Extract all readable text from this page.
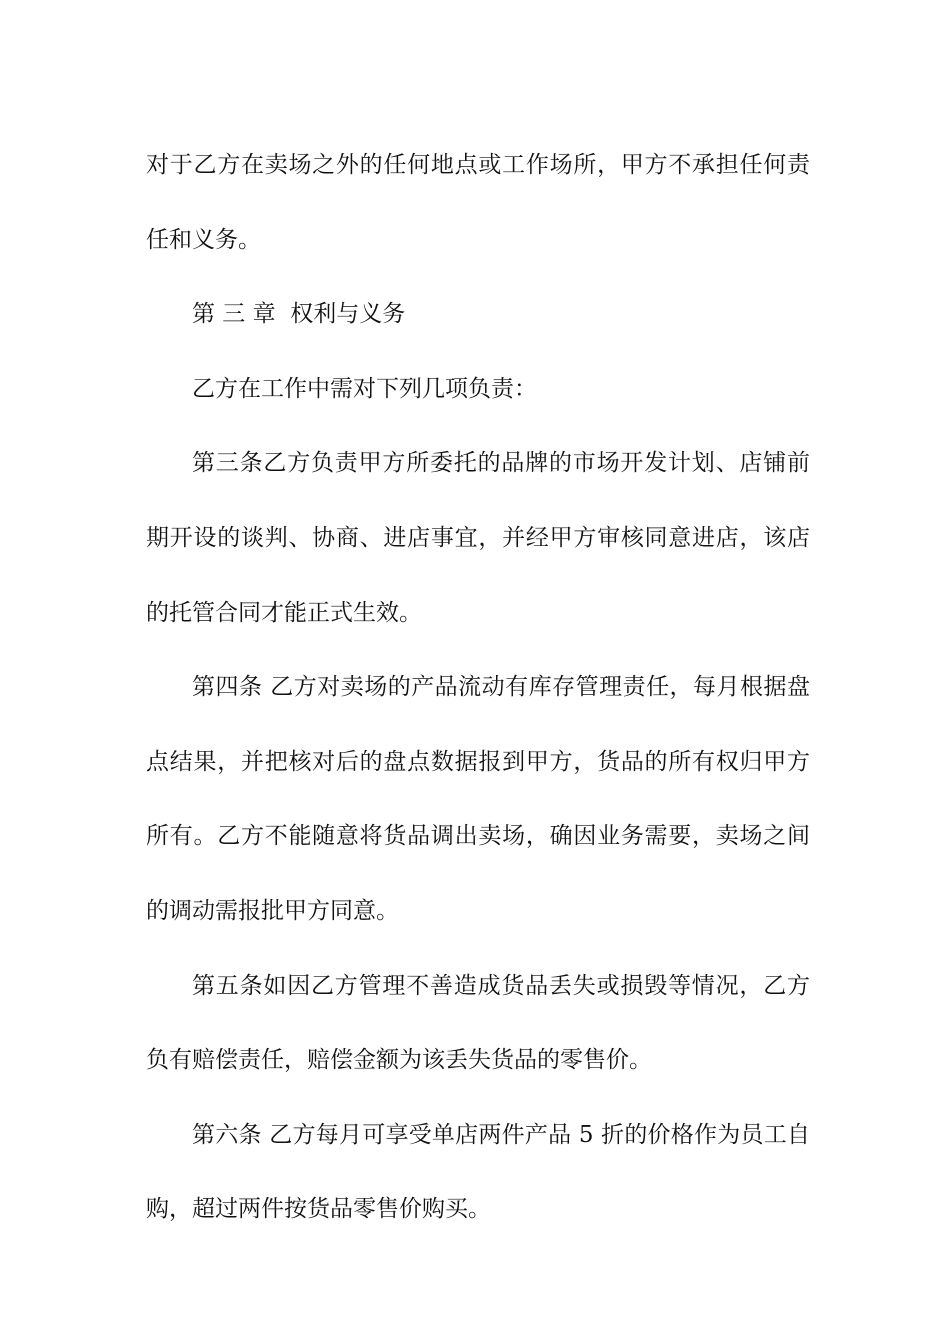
对于乙方在卖场之外的任何地点或工作场所，甲方不承担任何责任和义务。

第 三 章  权利与义务

乙方在工作中需对下列几项负责：

第三条乙方负责甲方所委托的品牌的市场开发计划、店铺前期开设的谈判、协商、进店事宜，并经甲方审核同意进店，该店的托管合同才能正式生效。

第四条 乙方对卖场的产品流动有库存管理责任，每月根据盘点结果，并把核对后的盘点数据报到甲方，货品的所有权归甲方所有。乙方不能随意将货品调出卖场，确因业务需要，卖场之间的调动需报批甲方同意。

第五条如因乙方管理不善造成货品丢失或损毁等情况，乙方负有赔偿责任，赔偿金额为该丢失货品的零售价。

第六条 乙方每月可享受单店两件产品 5 折的价格作为员工自购，超过两件按货品零售价购买。
